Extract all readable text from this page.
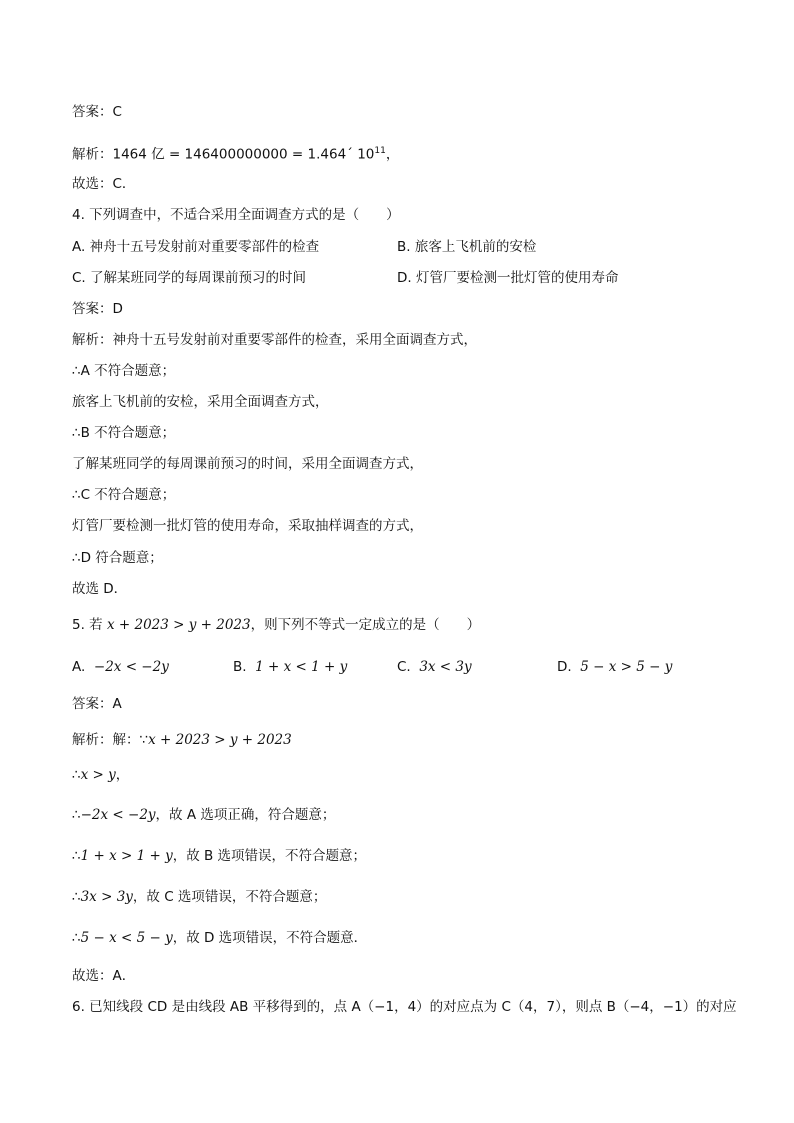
答案：C
解析：1464 亿 = 146400000000 = 1.464´ $10^{11}$，
故选：C．
4. 下列调查中，不适合采用全面调查方式的是（　　）
A. 神舟十五号发射前对重要零部件的检查	B. 旅客上飞机前的安检
C. 了解某班同学的每周课前预习的时间	D. 灯管厂要检测一批灯管的使用寿命
答案：D
解析：神舟十五号发射前对重要零部件的检查，采用全面调查方式，
∴A 不符合题意；
旅客上飞机前的安检，采用全面调查方式，
∴B 不符合题意；
了解某班同学的每周课前预习的时间，采用全面调查方式，
∴C 不符合题意；
灯管厂要检测一批灯管的使用寿命，采取抽样调查的方式，
∴D 符合题意；
故选 D．
5. 若 x + 2023 > y + 2023，则下列不等式一定成立的是（　　）
A. −2x < −2y	B. 1 + x < 1 + y	C. 3x < 3y	D. 5 − x > 5 − y
答案：A
解析：解：∵x + 2023 > y + 2023
∴x > y，
∴−2x < −2y，故 A 选项正确，符合题意；
∴1 + x > 1 + y，故 B 选项错误，不符合题意；
∴3x > 3y，故 C 选项错误，不符合题意；
∴5 − x < 5 − y，故 D 选项错误，不符合题意．
故选：A．
6. 已知线段 CD 是由线段 AB 平移得到的，点 A（−1，4）的对应点为 C（4，7），则点 B（−4，−1）的对应
